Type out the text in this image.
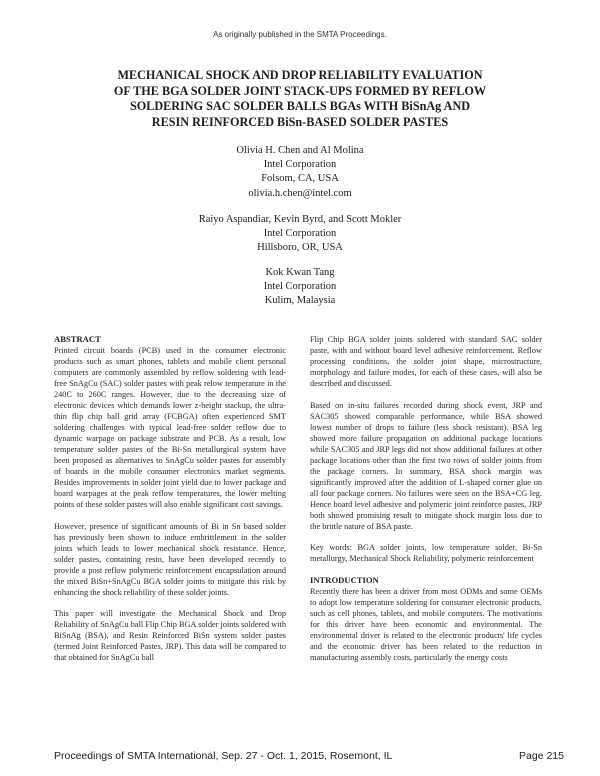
As originally published in the SMTA Proceedings.
MECHANICAL SHOCK AND DROP RELIABILITY EVALUATION
OF THE BGA SOLDER JOINT STACK-UPS FORMED BY REFLOW
SOLDERING SAC SOLDER BALLS BGAs WITH BiSnAg AND
RESIN REINFORCED BiSn-BASED SOLDER PASTES
Olivia H. Chen and Al Molina
Intel Corporation
Folsom, CA, USA
olivia.h.chen@intel.com
Raiyo Aspandiar, Kevin Byrd, and Scott Mokler
Intel Corporation
Hillsboro, OR, USA
Kok Kwan Tang
Intel Corporation
Kulim, Malaysia
ABSTRACT

Printed circuit boards (PCB) used in the consumer electronic products such as smart phones, tablets and mobile client personal computers are commonly assembled by reflow soldering with lead-free SnAgCu (SAC) solder pastes with peak relow temperature in the 240C to 260C ranges. However, due to the decreasing size of electronic devices which demands lower z-height stackup, the ultra-thin flip chip ball grid array (FCBGA) often experienced SMT soldering challenges with typical lead-free solder reflow due to dynamic warpage on package substrate and PCB. As a result, low temperature solder pastes of the Bi-Sn metallurgical system have been proposed as alternatives to SnAgCu solder pastes for assembly of boards in the mobile consumer electronics market segments. Besides improvements in solder joint yield due to lower package and board warpages at the peak reflow temperatures, the lower melting points of these solder pastes will also enable significant cost savings.

However, presence of significant amounts of Bi in Sn based solder has previously been shown to induce embrittlement in the solder joints which leads to lower mechanical shock resistance. Hence, solder pastes, containing resin, have been developed recently to provide a post reflow polymeric reinforcement encapsulation around the mixed BiSn+SnAgCu BGA solder joints to mitigate this risk by enhancing the shock reliability of these solder joints.

This paper will investigate the Mechanical Shock and Drop Reliability of SnAgCu ball Flip Chip BGA solder joints soldered with BiSnAg (BSA), and Resin Reinforced BiSn system solder pastes (termed Joint Reinforced Pastes, JRP). This data will be compared to that obtained for SnAgCu ball

Flip Chip BGA solder joints soldered with standard SAC solder paste, with and without board level adhesive reinforcement. Reflow processing conditions, the solder joint shape, microstructure, morphology and failure modes, for each of these cases, will also be described and discussed.

Based on in-situ failures recorded during shock event, JRP and SAC305 showed comparable performance, while BSA showed lowest number of drops to failure (less shock resistant). BSA leg showed more failure propagation on additional package locations while SAC305 and JRP legs did not show additional failures at other package locations other than the first two rows of solder joints from the package corners. In summary, BSA shock margin was significantly improved after the addition of L-shaped corner glue on all four package corners. No failures were seen on the BSA+CG leg. Hence board level adhesive and polymeric joint reinforce pastes, JRP both showed promising result to mitigate shock margin loss due to the brittle nature of BSA paste.

Key words: BGA solder joints, low temperature solder, Bi-Sn metallurgy, Mechanical Shock Reliability, polymeric reinforcement

INTRODUCTION

Recently there has been a driver from most ODMs and some OEMs to adopt low temperature soldering for consumer electronic products, such as cell phones, tablets, and mobile computers. The motivations for this driver have been economic and environmental. The environmental driver is related to the electronic products' life cycles and the economic driver has been related to the reduction in manufacturing assembly costs, particularly the energy costs

Proceedings of SMTA International, Sep. 27 - Oct. 1, 2015, Rosemont, IL	Page 215
